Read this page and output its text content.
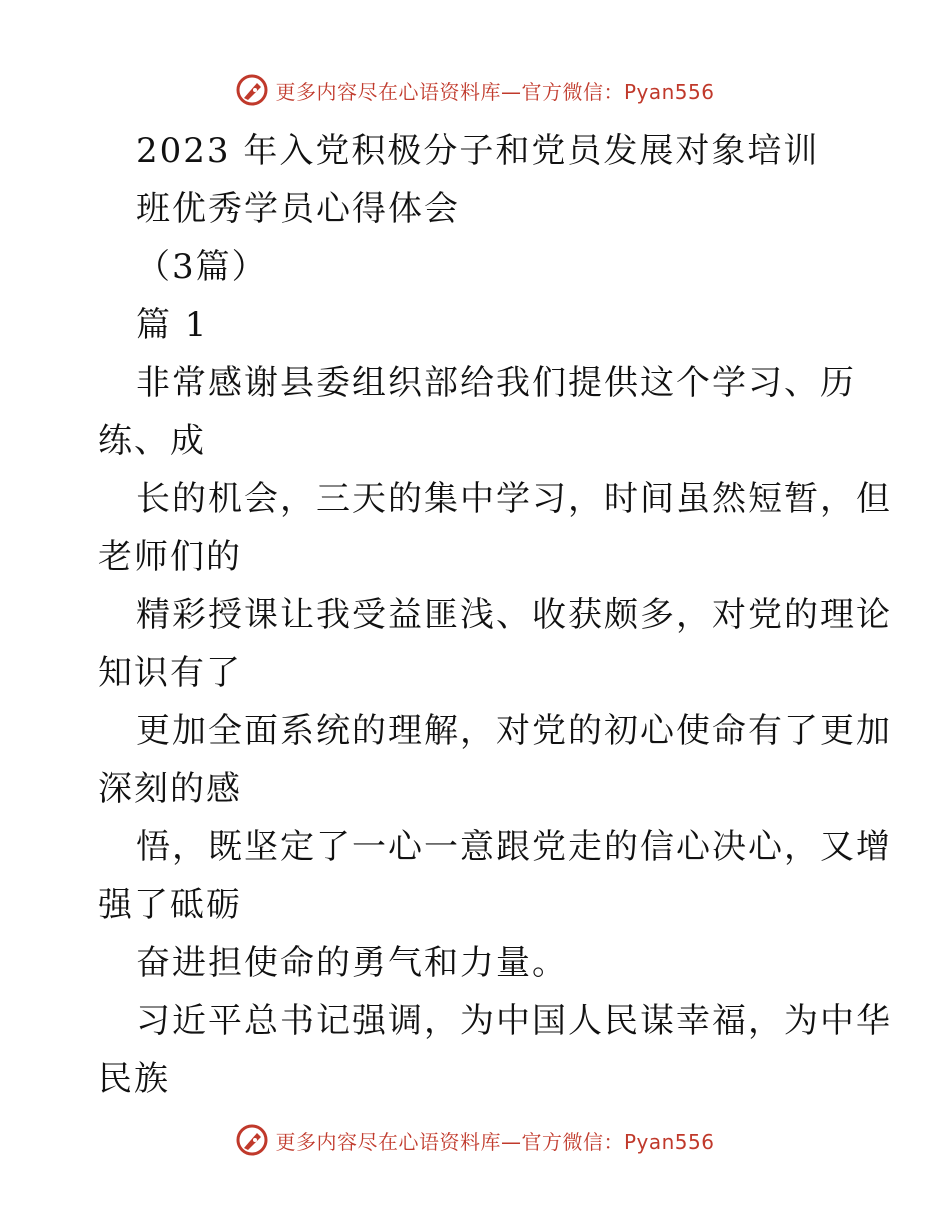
更多内容尽在心语资料库—官方微信：Pyan556
2023 年入党积极分子和党员发展对象培训
班优秀学员心得体会
（3篇）
篇 1
非常感谢县委组织部给我们提供这个学习、历
练、成
长的机会，三天的集中学习，时间虽然短暂，但
老师们的
精彩授课让我受益匪浅、收获颇多，对党的理论
知识有了
更加全面系统的理解，对党的初心使命有了更加
深刻的感
悟，既坚定了一心一意跟党走的信心决心，又增
强了砥砺
奋进担使命的勇气和力量。
习近平总书记强调，为中国人民谋幸福，为中华
民族
更多内容尽在心语资料库—官方微信：Pyan556
